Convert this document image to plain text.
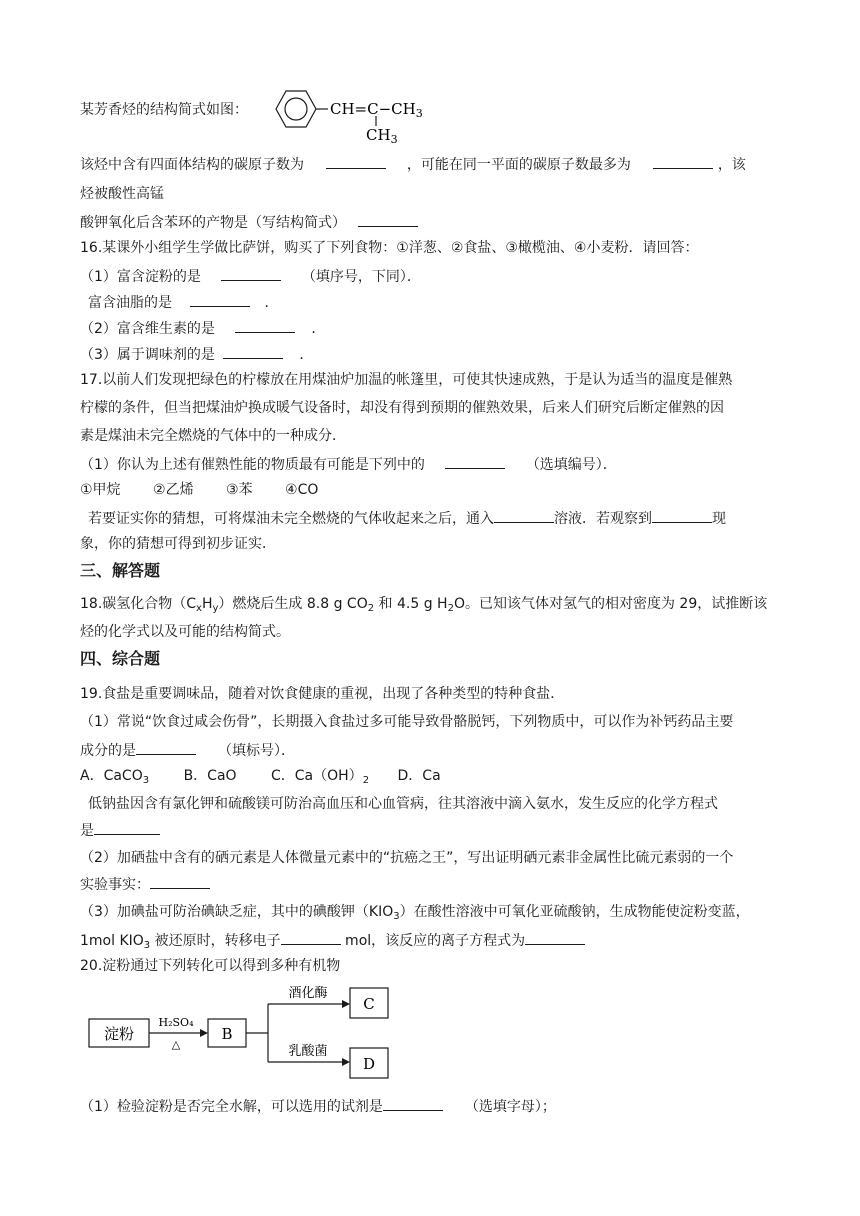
某芳香烃的结构简式如图：	$CH=C-CH_3$
$CH_3$
该烃中含有四面体结构的碳原子数为	，可能在同一平面的碳原子数最多为	，该
烃被酸性高锰
酸钾氧化后含苯环的产物是（写结构简式）
16.某课外小组学生学做比萨饼，购买了下列食物：①洋葱、②食盐、③橄榄油、④小麦粉．请回答：
（1）富含淀粉的是	（填序号，下同）．
富含油脂的是	．
（2）富含维生素的是	．
（3）属于调味剂的是	．
17.以前人们发现把绿色的柠檬放在用煤油炉加温的帐篷里，可使其快速成熟，于是认为适当的温度是催熟
柠檬的条件，但当把煤油炉换成暖气设备时，却没有得到预期的催熟效果，后来人们研究后断定催熟的因
素是煤油未完全燃烧的气体中的一种成分．
（1）你认为上述有催熟性能的物质最有可能是下列中的	（选填编号）．
①甲烷 ②乙烯 ③苯 ④CO
若要证实你的猜想，可将煤油未完全燃烧的气体收起来之后，通入	溶液．若观察到	现
象，你的猜想可得到初步证实．
三、解答题
18.碳氢化合物$(C_xH_y)$燃烧后生成 8.8 g $CO_2$ 和 4.5 g $H_2O$。已知该气体对氢气的相对密度为 29，试推断该
烃的化学式以及可能的结构简式。
四、综合题
19.食盐是重要调味品，随着对饮食健康的重视，出现了各种类型的特种食盐．
（1）常说“饮食过咸会伤骨”，长期摄入食盐过多可能导致骨骼脱钙，下列物质中，可以作为补钙药品主要
成分的是	（填标号）．
A．CaCO$_3$ B．CaO C．$Ca(OH)_2$ D．Ca
低钠盐因含有氯化钾和硫酸镁可防治高血压和心血管病，往其溶液中滴入氨水，发生反应的化学方程式
是
（2）加硒盐中含有的硒元素是人体微量元素中的“抗癌之王”，写出证明硒元素非金属性比硫元素弱的一个
实验事实：
（3）加碘盐可防治碘缺乏症，其中的碘酸钾$(KIO_3)$在酸性溶液中可氧化亚硫酸钠，生成物能使淀粉变蓝，
1mol $KIO_3$ 被还原时，转移电子	mol，该反应的离子方程式为
20.淀粉通过下列转化可以得到多种有机物
淀粉
H₂SO₄
△
B
酒化酶
乳酸菌
C
D
（1）检验淀粉是否完全水解，可以选用的试剂是	（选填字母）；
